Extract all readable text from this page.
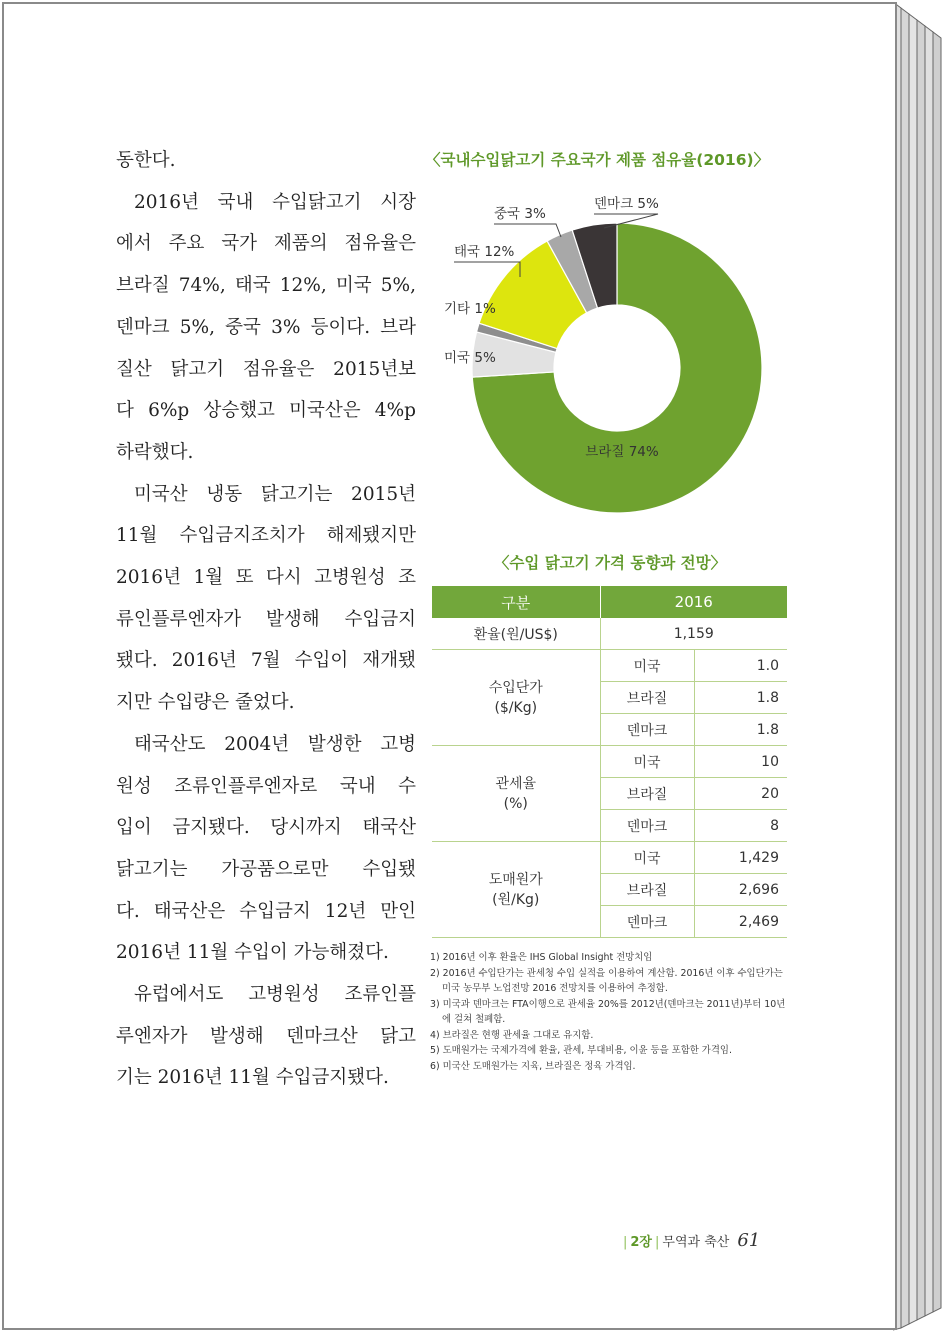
동한다.

2016년 국내 수입닭고기 시장

에서 주요 국가 제품의 점유율은

브라질 74%, 태국 12%, 미국 5%,

덴마크 5%, 중국 3% 등이다. 브라

질산 닭고기 점유율은 2015년보

다 6%p 상승했고 미국산은 4%p

하락했다.

미국산 냉동 닭고기는 2015년

11월 수입금지조치가 해제됐지만

2016년 1월 또 다시 고병원성 조

류인플루엔자가 발생해 수입금지

됐다. 2016년 7월 수입이 재개됐

지만 수입량은 줄었다.

태국산도 2004년 발생한 고병

원성 조류인플루엔자로 국내 수

입이 금지됐다. 당시까지 태국산

닭고기는 가공품으로만 수입됐

다. 태국산은 수입금지 12년 만인

2016년 11월 수입이 가능해졌다.

유럽에서도 고병원성 조류인플

루엔자가 발생해 덴마크산 닭고

기는 2016년 11월 수입금지됐다.

〈국내수입닭고기 주요국가 제품 점유율(2016)〉
브라질 74%
미국 5%
기타 1%
태국 12%
중국 3%
덴마크 5%
〈수입 닭고기 가격 동향과 전망〉
구분	2016	
환율(원/US$)	1,159	
수입단가
($/Kg)	미국	1.0
	브라질	1.8
	덴마크	1.8
관세율
(%)	미국	10
	브라질	20
	덴마크	8
도매원가
(원/Kg)	미국	1,429
	브라질	2,696
	덴마크	2,469
1) 2016년 이후 환율은 IHS Global Insight 전망치임
2) 2016년 수입단가는 관세청 수입 실적을 이용하여 계산함. 2016년 이후 수입단가는 미국 농무부 노업전망 2016 전망치를 이용하여 추정함.
3) 미국과 덴마크는 FTA이행으로 관세율 20%를 2012년(덴마크는 2011년)부터 10년에 걸쳐 철폐함.
4) 브라질은 현행 관세율 그대로 유지함.
5) 도매원가는 국제가격에 환율, 관세, 부대비용, 이윤 등을 포함한 가격임.
6) 미국산 도매원가는 지육, 브라질은 정육 가격임.
| 2장 | 무역과 축산 61
